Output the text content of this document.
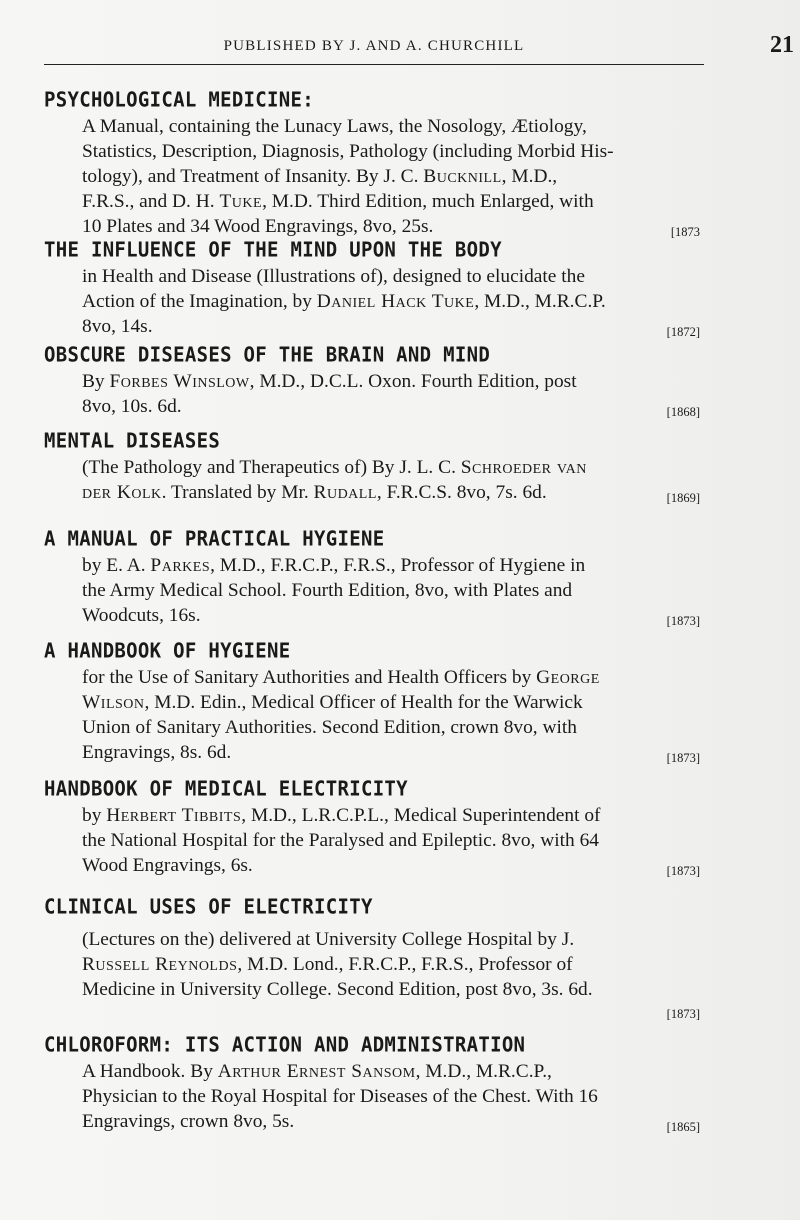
PUBLISHED BY J. AND A. CHURCHILL	21
PSYCHOLOGICAL MEDICINE:
A Manual, containing the Lunacy Laws, the Nosology, Ætiology,
Statistics, Description, Diagnosis, Pathology (including Morbid His-
tology), and Treatment of Insanity. By J. C. Bucknill, M.D.,
F.R.S., and D. H. Tuke, M.D. Third Edition, much Enlarged, with
10 Plates and 34 Wood Engravings, 8vo, 25s.	[1873
THE INFLUENCE OF THE MIND UPON THE BODY
in Health and Disease (Illustrations of), designed to elucidate the
Action of the Imagination, by Daniel Hack Tuke, M.D., M.R.C.P.
8vo, 14s.	[1872]
OBSCURE DISEASES OF THE BRAIN AND MIND
By Forbes Winslow, M.D., D.C.L. Oxon. Fourth Edition, post
8vo, 10s. 6d.	[1868]
MENTAL DISEASES
(The Pathology and Therapeutics of) By J. L. C. Schroeder van
der Kolk. Translated by Mr. Rudall, F.R.C.S. 8vo, 7s. 6d.	[1869]
A MANUAL OF PRACTICAL HYGIENE
by E. A. Parkes, M.D., F.R.C.P., F.R.S., Professor of Hygiene in
the Army Medical School. Fourth Edition, 8vo, with Plates and
Woodcuts, 16s.	[1873]
A HANDBOOK OF HYGIENE
for the Use of Sanitary Authorities and Health Officers by George
Wilson, M.D. Edin., Medical Officer of Health for the Warwick
Union of Sanitary Authorities. Second Edition, crown 8vo, with
Engravings, 8s. 6d.	[1873]
HANDBOOK OF MEDICAL ELECTRICITY
by Herbert Tibbits, M.D., L.R.C.P.L., Medical Superintendent of
the National Hospital for the Paralysed and Epileptic. 8vo, with 64
Wood Engravings, 6s.	[1873]
CLINICAL USES OF ELECTRICITY
(Lectures on the) delivered at University College Hospital by J.
Russell Reynolds, M.D. Lond., F.R.C.P., F.R.S., Professor of
Medicine in University College. Second Edition, post 8vo, 3s. 6d.
[1873]
CHLOROFORM: ITS ACTION AND ADMINISTRATION
A Handbook. By Arthur Ernest Sansom, M.D., M.R.C.P.,
Physician to the Royal Hospital for Diseases of the Chest. With 16
Engravings, crown 8vo, 5s.	[1865]
